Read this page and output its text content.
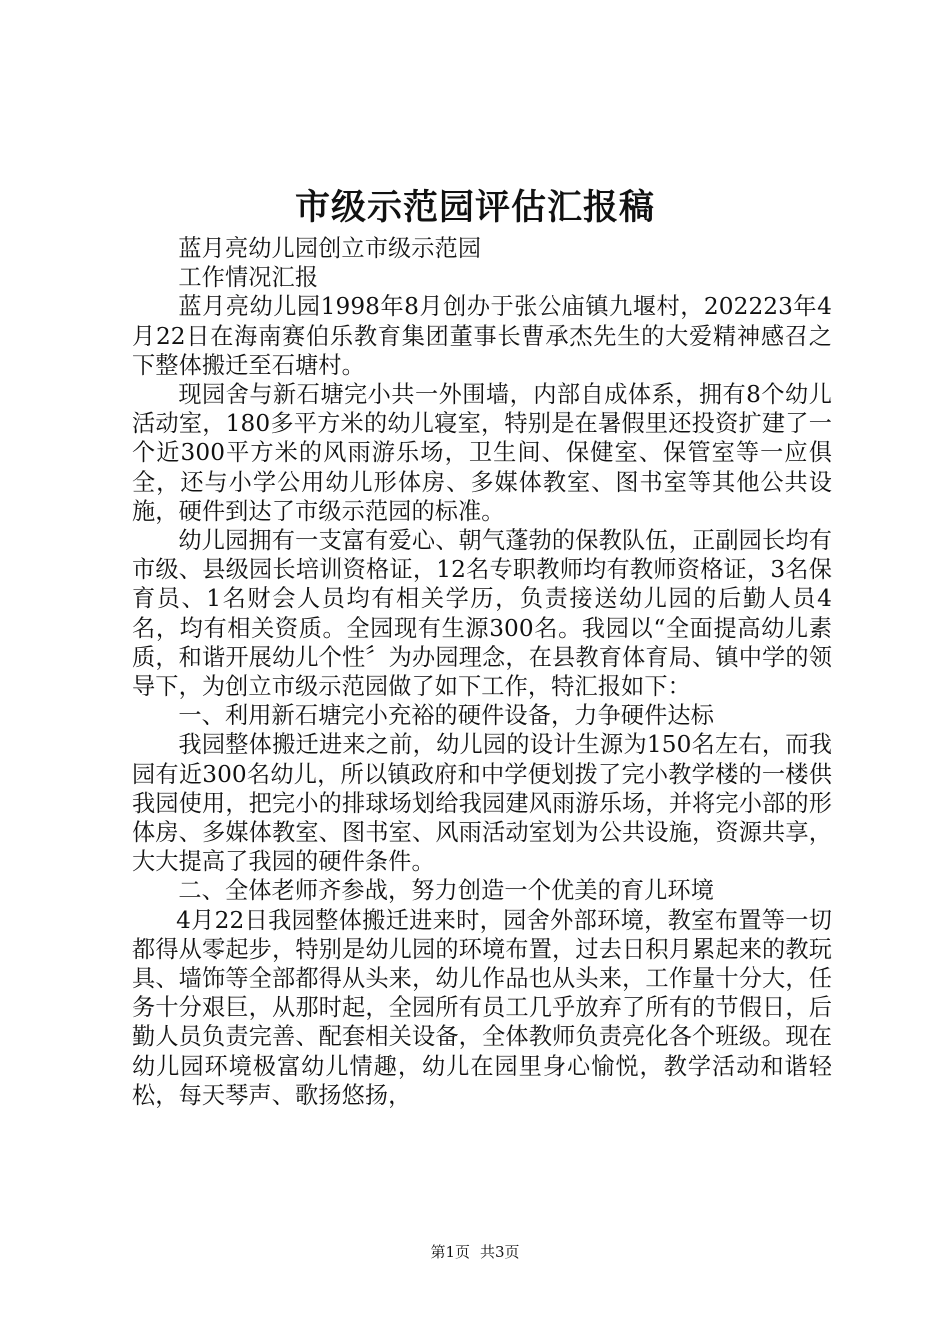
市级示范园评估汇报稿

蓝月亮幼儿园创立市级示范园

工作情况汇报

蓝月亮幼儿园1998年8月创办于张公庙镇九堰村，202223年4月22日在海南赛伯乐教育集团董事长曹承杰先生的大爱精神感召之下整体搬迁至石塘村。

现园舍与新石塘完小共一外围墙，内部自成体系，拥有8个幼儿活动室，180多平方米的幼儿寝室，特别是在暑假里还投资扩建了一个近300平方米的风雨游乐场，卫生间、保健室、保管室等一应俱全，还与小学公用幼儿形体房、多媒体教室、图书室等其他公共设施，硬件到达了市级示范园的标准。

幼儿园拥有一支富有爱心、朝气蓬勃的保教队伍，正副园长均有市级、县级园长培训资格证，12名专职教师均有教师资格证，3名保育员、1名财会人员均有相关学历，负责接送幼儿园的后勤人员4名，均有相关资质。全园现有生源300名。我园以“全面提高幼儿素质，和谐开展幼儿个性〞为办园理念，在县教育体育局、镇中学的领导下，为创立市级示范园做了如下工作，特汇报如下：

一、利用新石塘完小充裕的硬件设备，力争硬件达标

我园整体搬迁进来之前，幼儿园的设计生源为150名左右，而我园有近300名幼儿，所以镇政府和中学便划拨了完小教学楼的一楼供我园使用，把完小的排球场划给我园建风雨游乐场，并将完小部的形体房、多媒体教室、图书室、风雨活动室划为公共设施，资源共享，大大提高了我园的硬件条件。

二、全体老师齐参战，努力创造一个优美的育儿环境

4月22日我园整体搬迁进来时，园舍外部环境，教室布置等一切都得从零起步，特别是幼儿园的环境布置，过去日积月累起来的教玩具、墙饰等全部都得从头来，幼儿作品也从头来，工作量十分大，任务十分艰巨，从那时起，全园所有员工几乎放弃了所有的节假日，后勤人员负责完善、配套相关设备，全体教师负责亮化各个班级。现在幼儿园环境极富幼儿情趣，幼儿在园里身心愉悦，教学活动和谐轻松，每天琴声、歌扬悠扬，

第1页 共3页
